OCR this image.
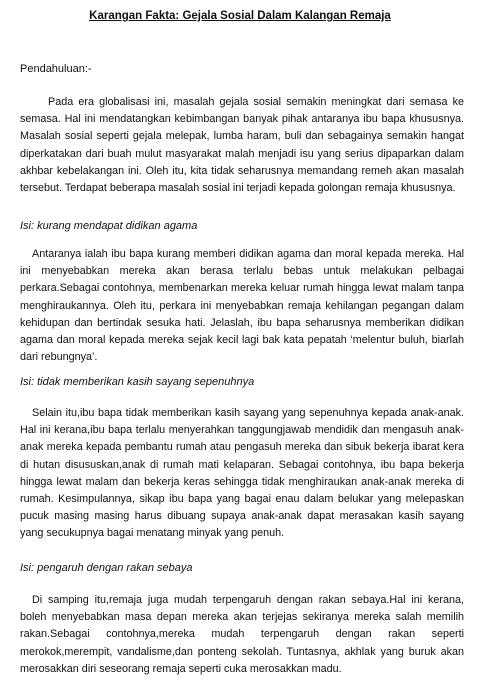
Karangan Fakta: Gejala Sosial Dalam Kalangan Remaja
Pendahuluan:-

Pada era globalisasi ini, masalah gejala sosial semakin meningkat dari semasa ke semasa. Hal ini mendatangkan kebimbangan banyak pihak antaranya ibu bapa khususnya. Masalah sosial seperti gejala melepak, lumba haram, buli dan sebagainya semakin hangat diperkatakan dari buah mulut masyarakat malah menjadi isu yang serius dipaparkan dalam akhbar kebelakangan ini. Oleh itu, kita tidak seharusnya memandang remeh akan masalah tersebut. Terdapat beberapa masalah sosial ini terjadi kepada golongan remaja khususnya.

Isi: kurang mendapat didikan agama

Antaranya ialah ibu bapa kurang memberi didikan agama dan moral kepada mereka. Hal ini menyebabkan mereka akan berasa terlalu bebas untuk melakukan pelbagai perkara.Sebagai contohnya, membenarkan mereka keluar rumah hingga lewat malam tanpa menghiraukannya. Oleh itu, perkara ini menyebabkan remaja kehilangan pegangan dalam kehidupan dan bertindak sesuka hati. Jelaslah, ibu bapa seharusnya memberikan didikan agama dan moral kepada mereka sejak kecil lagi bak kata pepatah ‘melentur buluh, biarlah dari rebungnya’.

Isi: tidak memberikan kasih sayang sepenuhnya

Selain itu,ibu bapa tidak memberikan kasih sayang yang sepenuhnya kepada anak-anak. Hal ini kerana,ibu bapa terlalu menyerahkan tanggungjawab mendidik dan mengasuh anak-anak mereka kepada pembantu rumah atau pengasuh mereka dan sibuk bekerja ibarat kera di hutan disususkan,anak di rumah mati kelaparan. Sebagai contohnya, ibu bapa bekerja hingga lewat malam dan bekerja keras sehingga tidak menghiraukan anak-anak mereka di rumah. Kesimpulannya, sikap ibu bapa yang bagai enau dalam belukar yang melepaskan pucuk masing masing harus dibuang supaya anak-anak dapat merasakan kasih sayang yang secukupnya bagai menatang minyak yang penuh.

Isi: pengaruh dengan rakan sebaya

Di samping itu,remaja juga mudah terpengaruh dengan rakan sebaya.Hal ini kerana, boleh menyebabkan masa depan mereka akan terjejas sekiranya mereka salah memilih rakan.Sebagai contohnya,mereka mudah terpengaruh dengan rakan seperti merokok,merempit, vandalisme,dan ponteng sekolah. Tuntasnya, akhlak yang buruk akan merosakkan diri seseorang remaja seperti cuka merosakkan madu.
